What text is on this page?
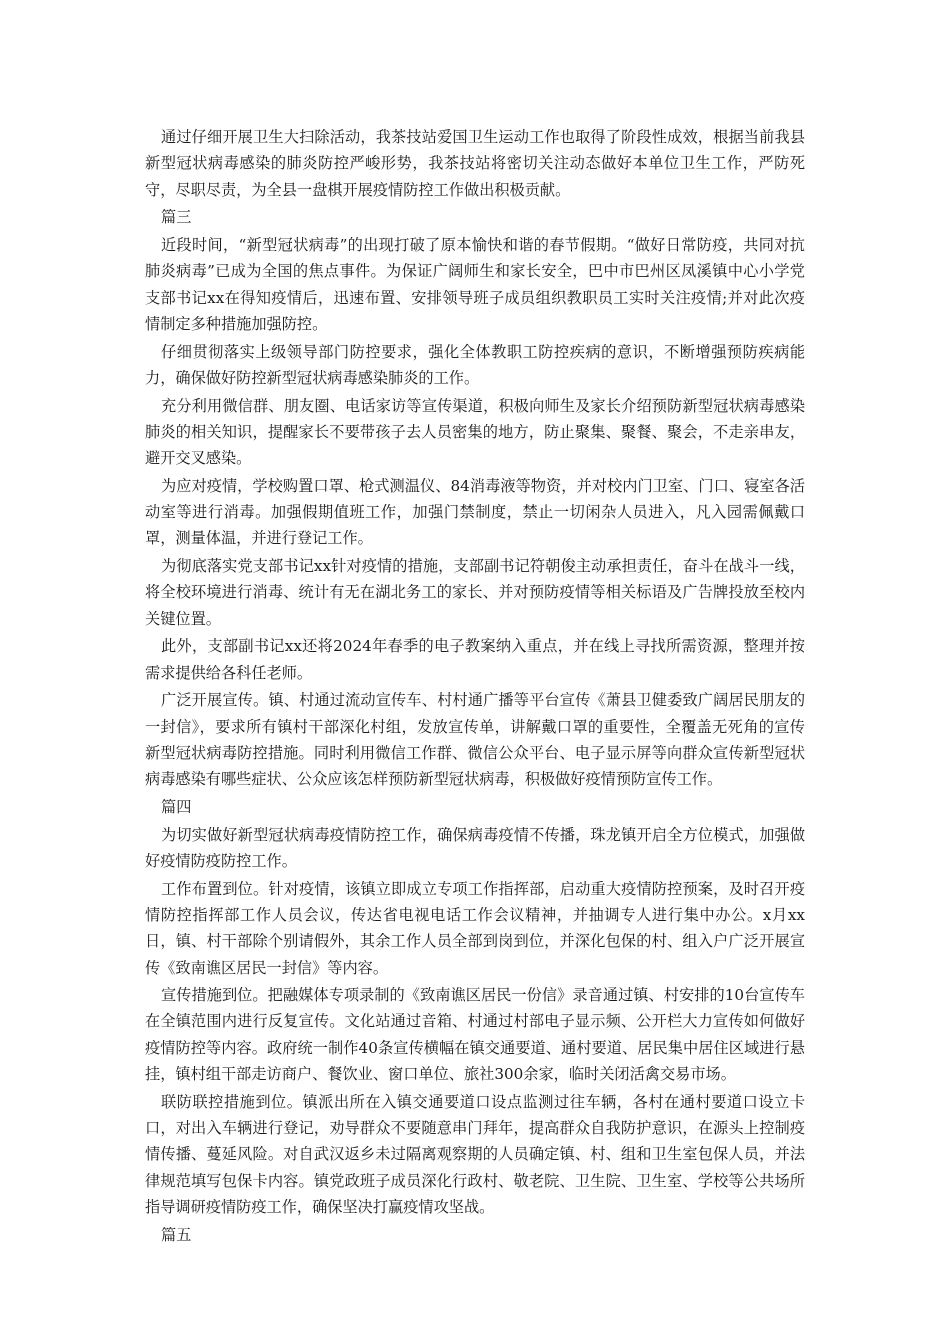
通过仔细开展卫生大扫除活动，我茶技站爱国卫生运动工作也取得了阶段性成效，根据当前我县新型冠状病毒感染的肺炎防控严峻形势，我茶技站将密切关注动态做好本单位卫生工作，严防死守，尽职尽责，为全县一盘棋开展疫情防控工作做出积极贡献。

篇三

近段时间，“新型冠状病毒”的出现打破了原本愉快和谐的春节假期。“做好日常防疫，共同对抗肺炎病毒”已成为全国的焦点事件。为保证广阔师生和家长安全，巴中市巴州区凤溪镇中心小学党支部书记xx在得知疫情后，迅速布置、安排领导班子成员组织教职员工实时关注疫情;并对此次疫情制定多种措施加强防控。

仔细贯彻落实上级领导部门防控要求，强化全体教职工防控疾病的意识，不断增强预防疾病能力，确保做好防控新型冠状病毒感染肺炎的工作。

充分利用微信群、朋友圈、电话家访等宣传渠道，积极向师生及家长介绍预防新型冠状病毒感染肺炎的相关知识，提醒家长不要带孩子去人员密集的地方，防止聚集、聚餐、聚会，不走亲串友，避开交叉感染。

为应对疫情，学校购置口罩、枪式测温仪、84消毒液等物资，并对校内门卫室、门口、寝室各活动室等进行消毒。加强假期值班工作，加强门禁制度，禁止一切闲杂人员进入，凡入园需佩戴口罩，测量体温，并进行登记工作。

为彻底落实党支部书记xx针对疫情的措施，支部副书记符朝俊主动承担责任，奋斗在战斗一线，将全校环境进行消毒、统计有无在湖北务工的家长、并对预防疫情等相关标语及广告牌投放至校内关键位置。

此外，支部副书记xx还将2024年春季的电子教案纳入重点，并在线上寻找所需资源，整理并按需求提供给各科任老师。

广泛开展宣传。镇、村通过流动宣传车、村村通广播等平台宣传《萧县卫健委致广阔居民朋友的一封信》，要求所有镇村干部深化村组，发放宣传单，讲解戴口罩的重要性，全覆盖无死角的宣传新型冠状病毒防控措施。同时利用微信工作群、微信公众平台、电子显示屏等向群众宣传新型冠状病毒感染有哪些症状、公众应该怎样预防新型冠状病毒，积极做好疫情预防宣传工作。

篇四

为切实做好新型冠状病毒疫情防控工作，确保病毒疫情不传播，珠龙镇开启全方位模式，加强做好疫情防疫防控工作。

工作布置到位。针对疫情，该镇立即成立专项工作指挥部，启动重大疫情防控预案，及时召开疫情防控指挥部工作人员会议，传达省电视电话工作会议精神，并抽调专人进行集中办公。x月xx日，镇、村干部除个别请假外，其余工作人员全部到岗到位，并深化包保的村、组入户广泛开展宣传《致南谯区居民一封信》等内容。

宣传措施到位。把融媒体专项录制的《致南谯区居民一份信》录音通过镇、村安排的10台宣传车在全镇范围内进行反复宣传。文化站通过音箱、村通过村部电子显示频、公开栏大力宣传如何做好疫情防控等内容。政府统一制作40条宣传横幅在镇交通要道、通村要道、居民集中居住区域进行悬挂，镇村组干部走访商户、餐饮业、窗口单位、旅社300余家，临时关闭活禽交易市场。

联防联控措施到位。镇派出所在入镇交通要道口设点监测过往车辆，各村在通村要道口设立卡口，对出入车辆进行登记，劝导群众不要随意串门拜年，提高群众自我防护意识，在源头上控制疫情传播、蔓延风险。对自武汉返乡未过隔离观察期的人员确定镇、村、组和卫生室包保人员，并法律规范填写包保卡内容。镇党政班子成员深化行政村、敬老院、卫生院、卫生室、学校等公共场所指导调研疫情防疫工作，确保坚决打赢疫情攻坚战。

篇五
